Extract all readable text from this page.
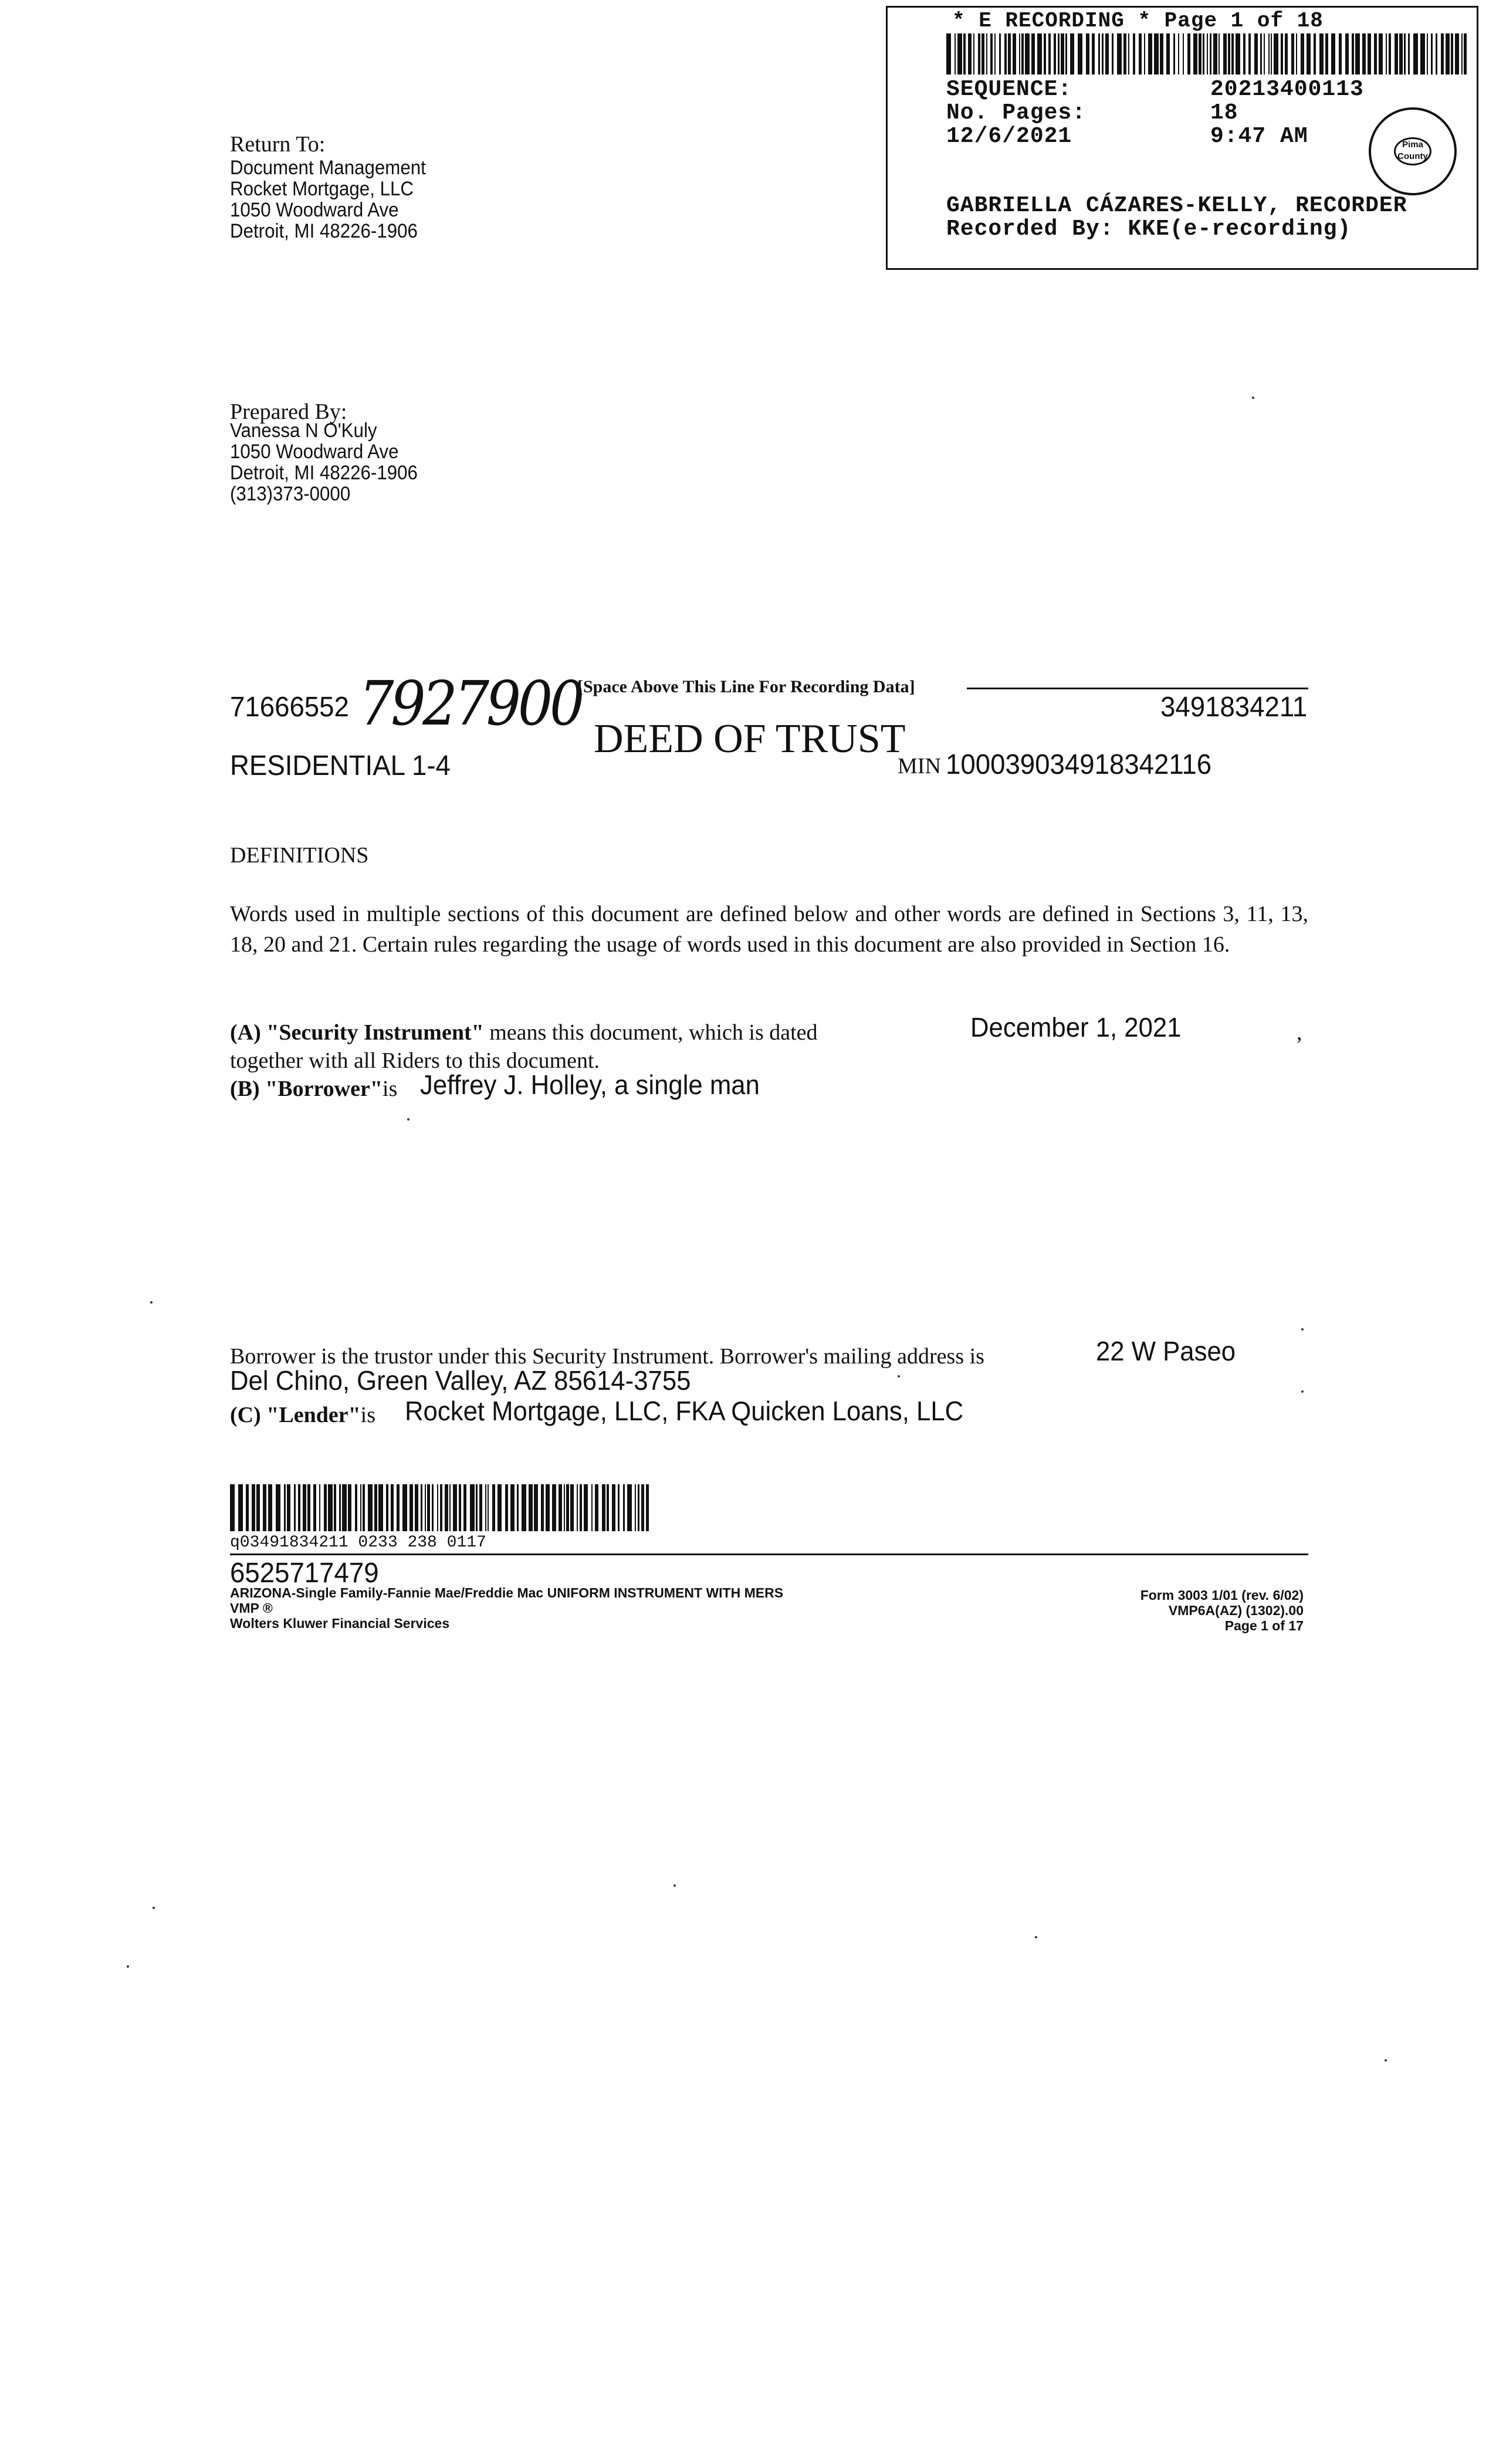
* E RECORDING * Page 1 of 18
SEQUENCE:	20213400113
No. Pages:	18
12/6/2021	9:47 AM	Pima County
GABRIELLA CÁZARES-KELLY, RECORDER
Recorded By: KKE(e-recording)
Return To:
Document Management
Rocket Mortgage, LLC
1050 Woodward Ave
Detroit, MI 48226-1906
Prepared By:
Vanessa N O'Kuly
1050 Woodward Ave
Detroit, MI 48226-1906
(313)373-0000
71666552 7927900
[Space Above This Line For Recording Data]
3491834211
RESIDENTIAL 1-4
DEED OF TRUST
MIN 100039034918342116
DEFINITIONS
Words used in multiple sections of this document are defined below and other words are defined in Sections 3, 11, 13, 18, 20 and 21. Certain rules regarding the usage of words used in this document are also provided in Section 16.
(A) "Security Instrument" means this document, which is dated	December 1, 2021	,
together with all Riders to this document.
(B) "Borrower"is Jeffrey J. Holley, a single man
Borrower is the trustor under this Security Instrument. Borrower's mailing address is	22 W Paseo
Del Chino, Green Valley, AZ 85614-3755
(C) "Lender"is Rocket Mortgage, LLC, FKA Quicken Loans, LLC
q03491834211 0233 238 0117
6525717479
ARIZONA-Single Family-Fannie Mae/Freddie Mac UNIFORM INSTRUMENT WITH MERS
VMP ®
Wolters Kluwer Financial Services
Form 3003 1/01 (rev. 6/02)
VMP6A(AZ) (1302).00
Page 1 of 17
